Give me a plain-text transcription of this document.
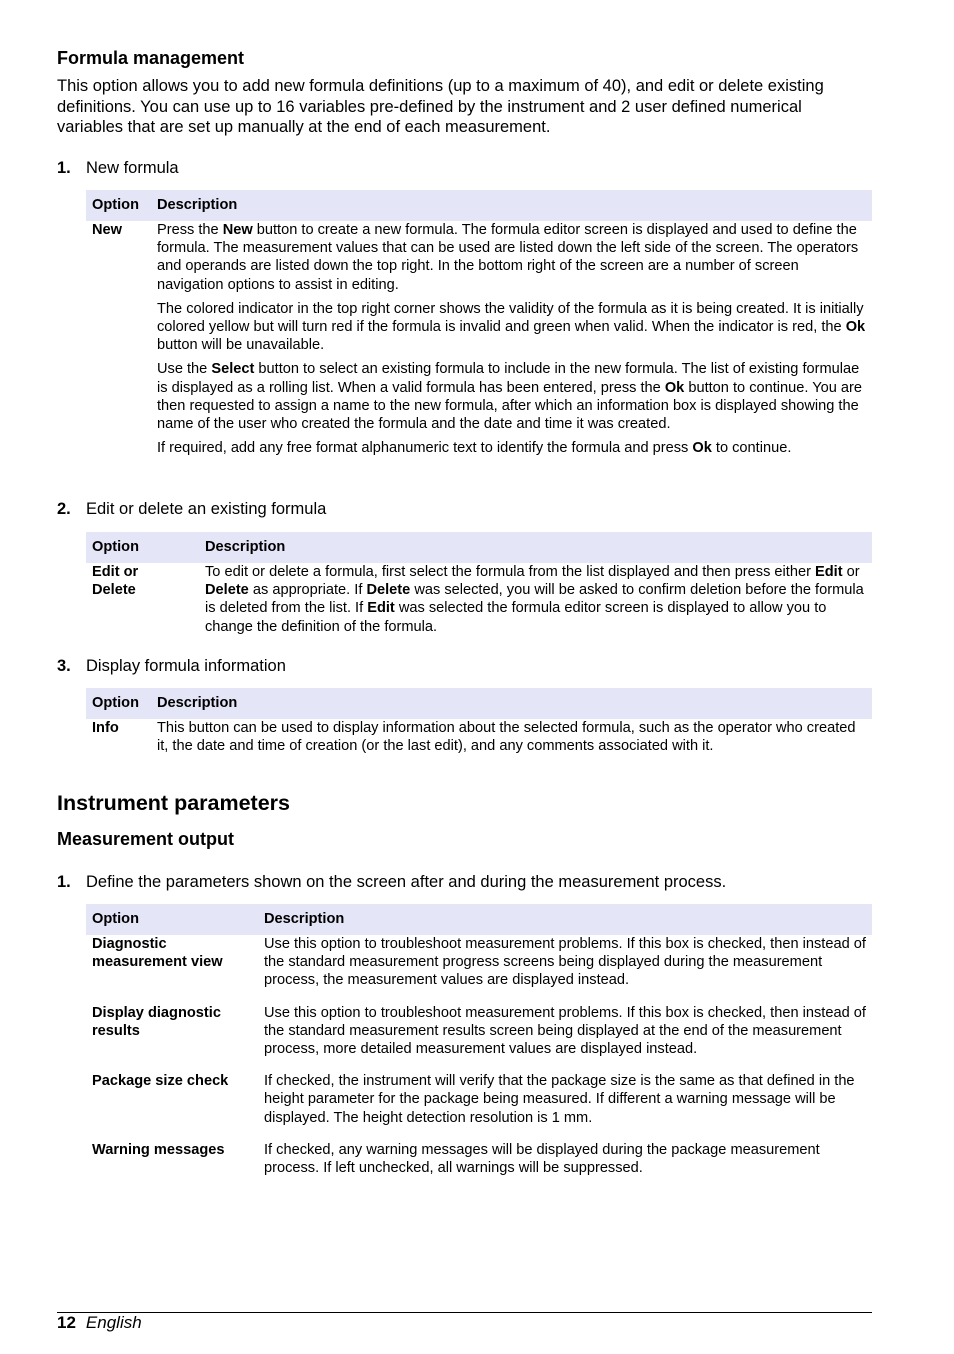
Formula management

This option allows you to add new formula definitions (up to a maximum of 40), and edit or delete existing definitions. You can use up to 16 variables pre-defined by the instrument and 2 user defined numerical variables that are set up manually at the end of each measurement.

1. New formula
Option	Description
New	Press the New button to create a new formula. The formula editor screen is displayed and used to define the formula. The measurement values that can be used are listed down the left side of the screen. The operators and operands are listed down the top right. In the bottom right of the screen are a number of screen navigation options to assist in editing.

The colored indicator in the top right corner shows the validity of the formula as it is being created. It is initially colored yellow but will turn red if the formula is invalid and green when valid. When the indicator is red, the Ok button will be unavailable.

Use the Select button to select an existing formula to include in the new formula. The list of existing formulae is displayed as a rolling list. When a valid formula has been entered, press the Ok button to continue. You are then requested to assign a name to the new formula, after which an information box is displayed showing the name of the user who created the formula and the date and time it was created.

If required, add any free format alphanumeric text to identify the formula and press Ok to continue.

2. Edit or delete an existing formula
Option	Description
Edit or
Delete	To edit or delete a formula, first select the formula from the list displayed and then press either Edit or Delete as appropriate. If Delete was selected, you will be asked to confirm deletion before the formula is deleted from the list. If Edit was selected the formula editor screen is displayed to allow you to change the definition of the formula.

3. Display formula information
Option	Description
Info	This button can be used to display information about the selected formula, such as the operator who created it, the date and time of creation (or the last edit), and any comments associated with it.

Instrument parameters
Measurement output
1. Define the parameters shown on the screen after and during the measurement process.
Option	Description
Diagnostic measurement view	Use this option to troubleshoot measurement problems. If this box is checked, then instead of the standard measurement progress screens being displayed during the measurement process, the measurement values are displayed instead.

Display diagnostic results	Use this option to troubleshoot measurement problems. If this box is checked, then instead of the standard measurement results screen being displayed at the end of the measurement process, more detailed measurement values are displayed instead.

Package size check	If checked, the instrument will verify that the package size is the same as that defined in the height parameter for the package being measured. If different a warning message will be displayed. The height detection resolution is 1 mm.

Warning messages	If checked, any warning messages will be displayed during the package measurement process. If left unchecked, all warnings will be suppressed.
12 English
